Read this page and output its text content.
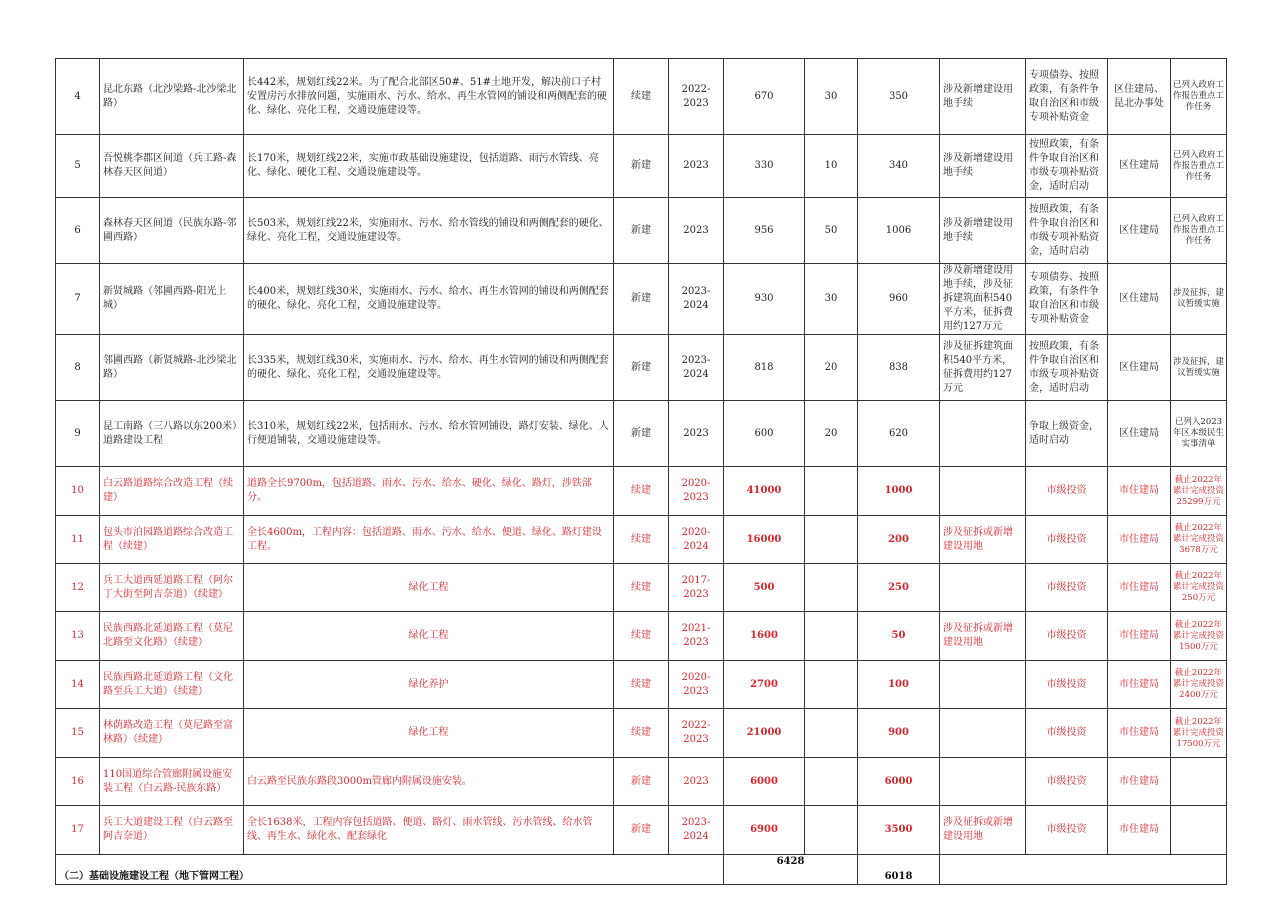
4	昆北东路（北沙梁路-北沙梁北路）	长442米，规划红线22米。为了配合北部区50#、51#土地开发，解决前口子村安置房污水排放问题，实施雨水、污水、给水、再生水管网的铺设和两侧配套的硬化、绿化、亮化工程，交通设施建设等。	续建	2022-2023	670	30	350	涉及新增建设用地手续	专项债券、按照政策，有条件争取自治区和市级专项补贴资金	区住建局、昆北办事处	已列入政府工作报告重点工作任务
5	吾悦桃李郡区间道（兵工路-森林春天区间道）	长170米，规划红线22米，实施市政基础设施建设，包括道路、雨污水管线、亮化、绿化、硬化工程、交通设施建设等。	新建	2023	330	10	340	涉及新增建设用地手续	按照政策，有条件争取自治区和市级专项补贴资金，适时启动	区住建局	已列入政府工作报告重点工作任务
6	森林春天区间道（民族东路-邻圃西路）	长503米，规划红线22米，实施雨水、污水、给水管线的铺设和两侧配套的硬化、绿化、亮化工程，交通设施建设等。	新建	2023	956	50	1006	涉及新增建设用地手续	按照政策，有条件争取自治区和市级专项补贴资金，适时启动	区住建局	已列入政府工作报告重点工作任务
7	新贤城路（邻圃西路-阳光上城）	长400米，规划红线30米，实施雨水、污水、给水、再生水管网的铺设和两侧配套的硬化、绿化、亮化工程，交通设施建设等。	新建	2023-2024	930	30	960	涉及新增建设用地手续，涉及征拆建筑面积540平方米，征拆费用约127万元	专项债券、按照政策，有条件争取自治区和市级专项补贴资金	区住建局	涉及征拆，建议暂缓实施
8	邻圃西路（新贤城路-北沙梁北路）	长335米，规划红线30米，实施雨水、污水、给水、再生水管网的铺设和两侧配套的硬化、绿化、亮化工程，交通设施建设等。	新建	2023-2024	818	20	838	涉及征拆建筑面积540平方米，征拆费用约127万元	按照政策，有条件争取自治区和市级专项补贴资金，适时启动	区住建局	涉及征拆，建议暂缓实施
9	昆工南路（三八路以东200米）道路建设工程	长310米，规划红线22米，包括雨水、污水、给水管网铺设，路灯安装、绿化、人行便道铺装，交通设施建设等。	新建	2023	600	20	620		争取上级资金，适时启动	区住建局	已列入2023年区本级民生实事清单
10	白云路道路综合改造工程（续建）	道路全长9700m，包括道路、雨水、污水、给水、硬化、绿化、路灯，涉铁部分。	续建	2020-2023	41000		1000		市级投资	市住建局	截止2022年累计完成投资25299万元
11	包头市泊园路道路综合改造工程（续建）	全长4600m，工程内容：包括道路、雨水、污水、给水、便道、绿化、路灯建设工程。	续建	2020-2024	16000		200	涉及征拆或新增建设用地	市级投资	市住建局	截止2022年累计完成投资3678万元
12	兵工大道西延道路工程（阿尔丁大街至阿吉奈道）（续建）	绿化工程	续建	2017-2023	500		250		市级投资	市住建局	截止2022年累计完成投资250万元
13	民族西路北延道路工程（莫尼北路至文化路）（续建）	绿化工程	续建	2021-2023	1600		50	涉及征拆或新增建设用地	市级投资	市住建局	截止2022年累计完成投资1500万元
14	民族西路北延道路工程（文化路至兵工大道）（续建）	绿化养护	续建	2020-2023	2700		100		市级投资	市住建局	截止2022年累计完成投资2400万元
15	林荫路改造工程（莫尼路至富林路）（续建）	绿化工程	续建	2022-2023	21000		900		市级投资	市住建局	截止2022年累计完成投资17500万元
16	110国道综合管廊附属设施安装工程（白云路-民族东路）	白云路至民族东路段3000m管廊内附属设施安装。	新建	2023	6000		6000		市级投资	市住建局	
17	兵工大道建设工程（白云路至阿吉奈道）	全长1638米，工程内容包括道路、便道、路灯、雨水管线、污水管线、给水管线、再生水、绿化水、配套绿化	新建	2023-2024	6900		3500	涉及征拆或新增建设用地	市级投资	市住建局	
（二）基础设施建设工程（地下管网工程）					6428		6018				
